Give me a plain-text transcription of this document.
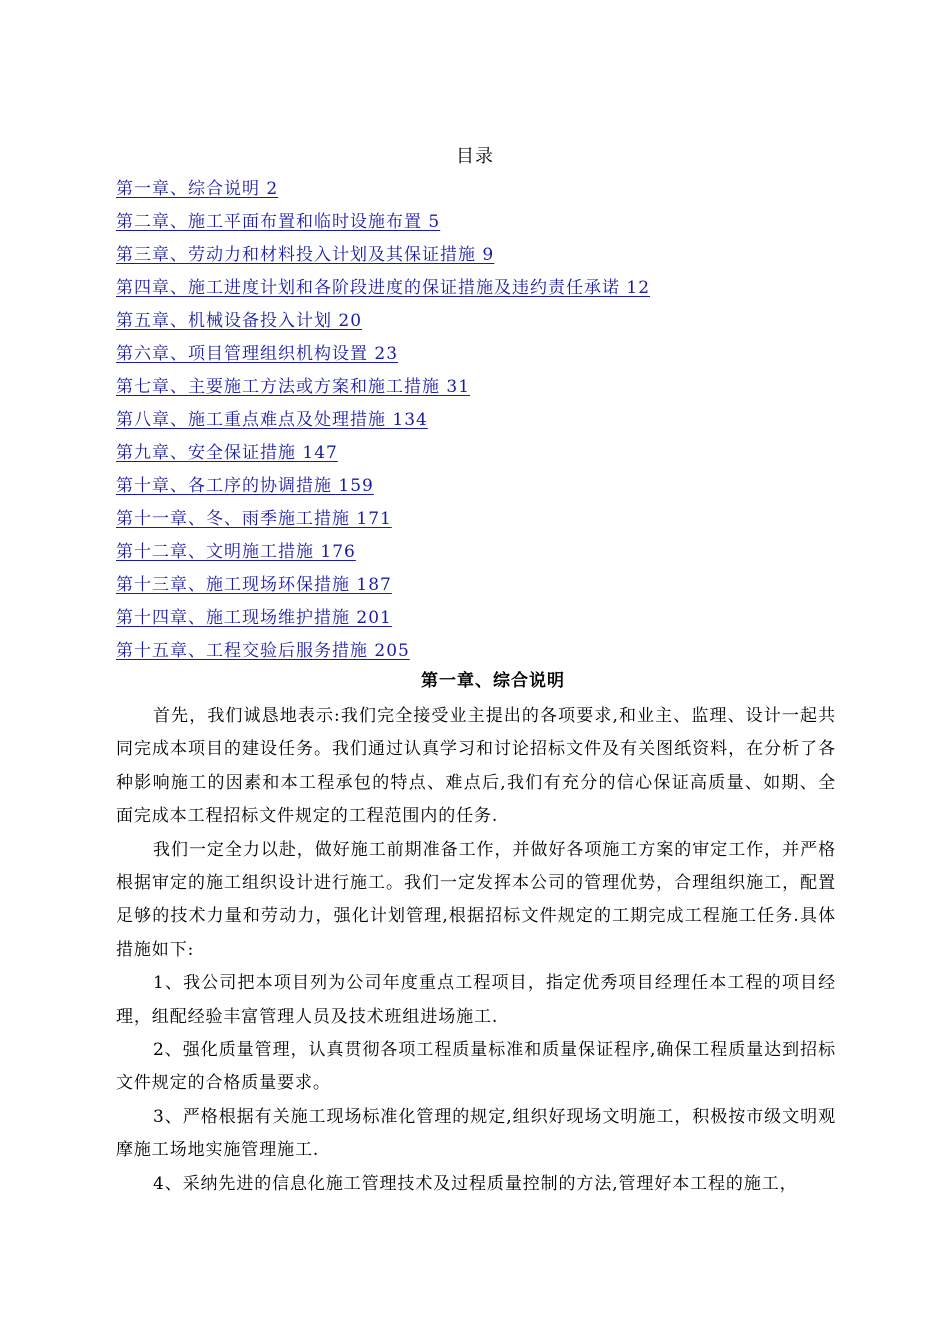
目录
第一章、综合说明 2
第二章、施工平面布置和临时设施布置 5
第三章、劳动力和材料投入计划及其保证措施 9
第四章、施工进度计划和各阶段进度的保证措施及违约责任承诺 12
第五章、机械设备投入计划 20
第六章、项目管理组织机构设置 23
第七章、主要施工方法或方案和施工措施 31
第八章、施工重点难点及处理措施 134
第九章、安全保证措施 147
第十章、各工序的协调措施 159
第十一章、冬、雨季施工措施 171
第十二章、文明施工措施 176
第十三章、施工现场环保措施 187
第十四章、施工现场维护措施 201
第十五章、工程交验后服务措施 205
第一章、综合说明

首先，我们诚恳地表示:我们完全接受业主提出的各项要求,和业主、监理、设计一起共同完成本项目的建设任务。我们通过认真学习和讨论招标文件及有关图纸资料，在分析了各种影响施工的因素和本工程承包的特点、难点后,我们有充分的信心保证高质量、如期、全面完成本工程招标文件规定的工程范围内的任务.

我们一定全力以赴，做好施工前期准备工作，并做好各项施工方案的审定工作，并严格根据审定的施工组织设计进行施工。我们一定发挥本公司的管理优势，合理组织施工，配置足够的技术力量和劳动力，强化计划管理,根据招标文件规定的工期完成工程施工任务.具体措施如下:

1、我公司把本项目列为公司年度重点工程项目，指定优秀项目经理任本工程的项目经理，组配经验丰富管理人员及技术班组进场施工.

2、强化质量管理，认真贯彻各项工程质量标准和质量保证程序,确保工程质量达到招标文件规定的合格质量要求。

3、严格根据有关施工现场标准化管理的规定,组织好现场文明施工，积极按市级文明观摩施工场地实施管理施工.

4、采纳先进的信息化施工管理技术及过程质量控制的方法,管理好本工程的施工，
